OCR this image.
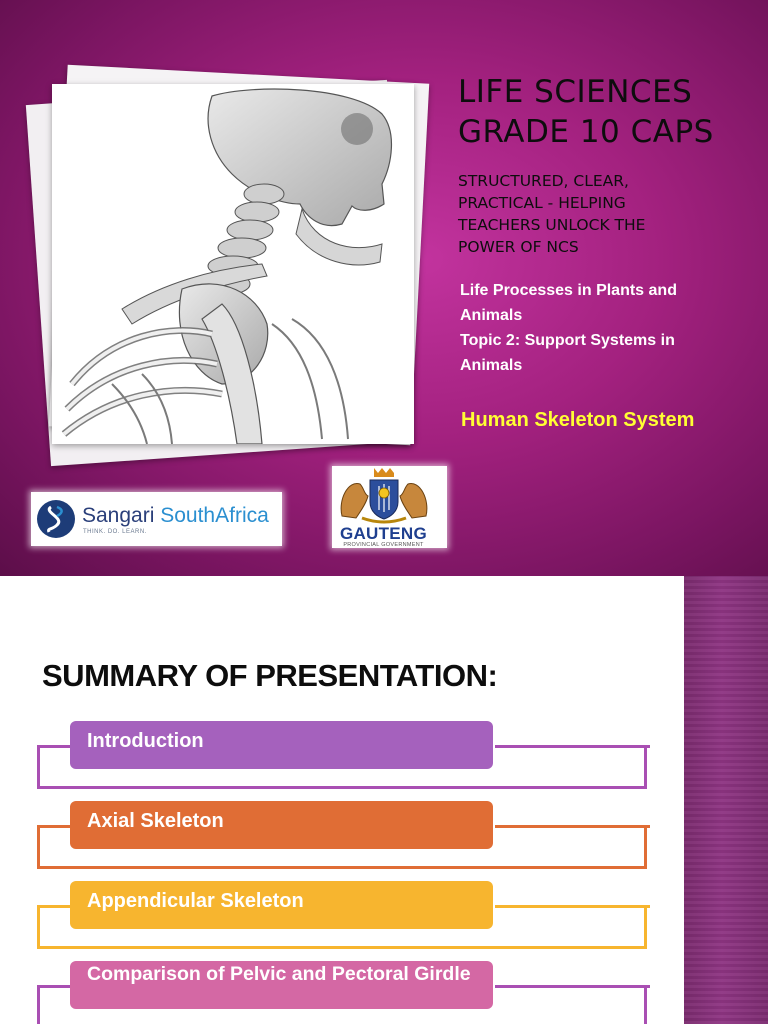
LIFE SCIENCES
GRADE 10 CAPS
STRUCTURED, CLEAR,
PRACTICAL - HELPING
TEACHERS UNLOCK THE
POWER OF NCS
Life Processes in Plants and
Animals
Topic 2: Support Systems in
Animals
Human Skeleton System
Sangari SouthAfrica
THINK. DO. LEARN.	GAUTENG
PROVINCIAL GOVERNMENT
SUMMARY OF PRESENTATION:
Introduction
Axial Skeleton
Appendicular Skeleton
Comparison of Pelvic and Pectoral Girdle
